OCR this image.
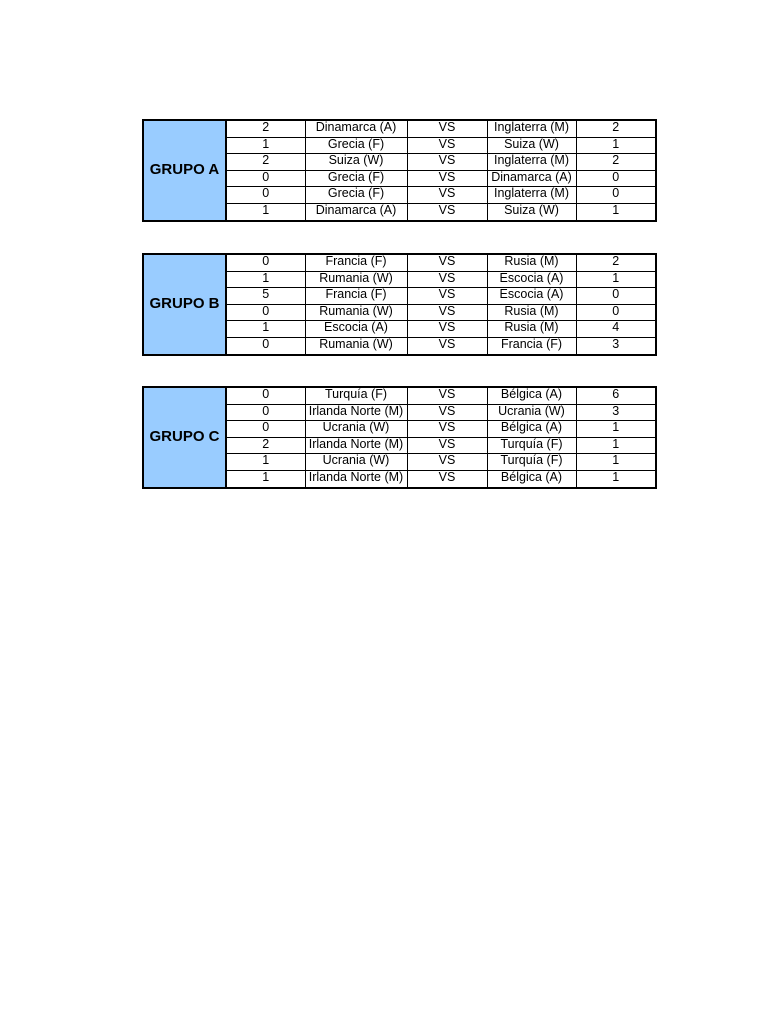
GRUPO A	2	Dinamarca (A)	VS	Inglaterra (M)	2
	1	Grecia (F)	VS	Suiza (W)	1
	2	Suiza (W)	VS	Inglaterra (M)	2
	0	Grecia (F)	VS	Dinamarca (A)	0
	0	Grecia (F)	VS	Inglaterra (M)	0
	1	Dinamarca (A)	VS	Suiza (W)	1
GRUPO B	0	Francia (F)	VS	Rusia (M)	2
	1	Rumania (W)	VS	Escocia (A)	1
	5	Francia (F)	VS	Escocia (A)	0
	0	Rumania (W)	VS	Rusia (M)	0
	1	Escocia (A)	VS	Rusia (M)	4
	0	Rumania (W)	VS	Francia (F)	3
GRUPO C	0	Turquía (F)	VS	Bélgica (A)	6
	0	Irlanda Norte (M)	VS	Ucrania (W)	3
	0	Ucrania (W)	VS	Bélgica (A)	1
	2	Irlanda Norte (M)	VS	Turquía (F)	1
	1	Ucrania (W)	VS	Turquía (F)	1
	1	Irlanda Norte (M)	VS	Bélgica (A)	1
